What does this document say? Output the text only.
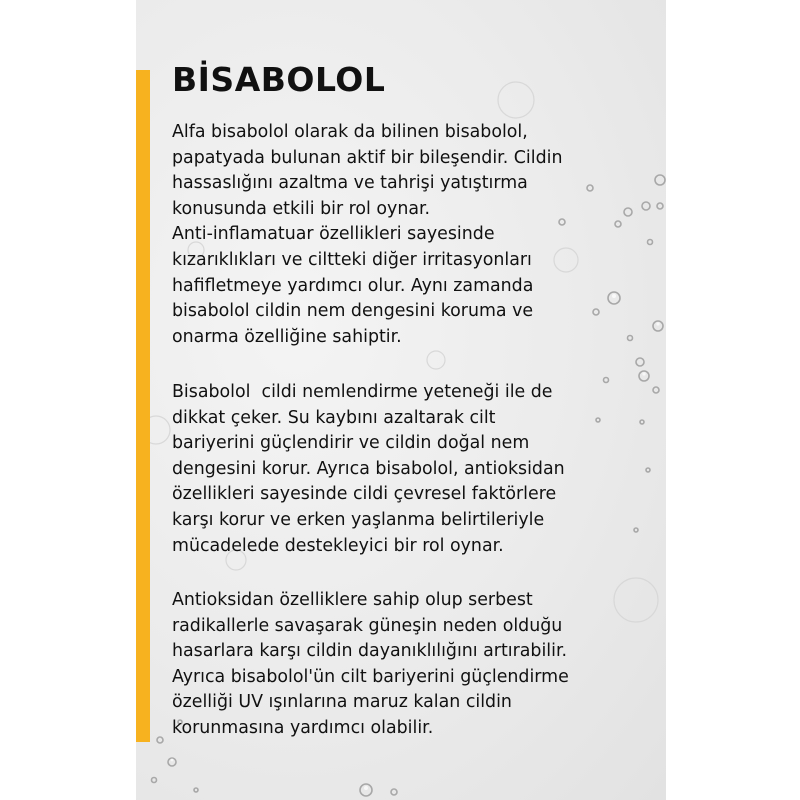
BİSABOLOL
Alfa bisabolol olarak da bilinen bisabolol,
papatyada bulunan aktif bir bileşendir. Cildin
hassaslığını azaltma ve tahrişi yatıştırma
konusunda etkili bir rol oynar.
Anti-inflamatuar özellikleri sayesinde
kızarıklıkları ve ciltteki diğer irritasyonları
hafifletmeye yardımcı olur. Aynı zamanda
bisabolol cildin nem dengesini koruma ve
onarma özelliğine sahiptir.
Bisabolol  cildi nemlendirme yeteneği ile de
dikkat çeker. Su kaybını azaltarak cilt
bariyerini güçlendirir ve cildin doğal nem
dengesini korur. Ayrıca bisabolol, antioksidan
özellikleri sayesinde cildi çevresel faktörlere
karşı korur ve erken yaşlanma belirtileriyle
mücadelede destekleyici bir rol oynar.
Antioksidan özelliklere sahip olup serbest
radikallerle savaşarak güneşin neden olduğu
hasarlara karşı cildin dayanıklılığını artırabilir.
Ayrıca bisabolol'ün cilt bariyerini güçlendirme
özelliği UV ışınlarına maruz kalan cildin
korunmasına yardımcı olabilir.
